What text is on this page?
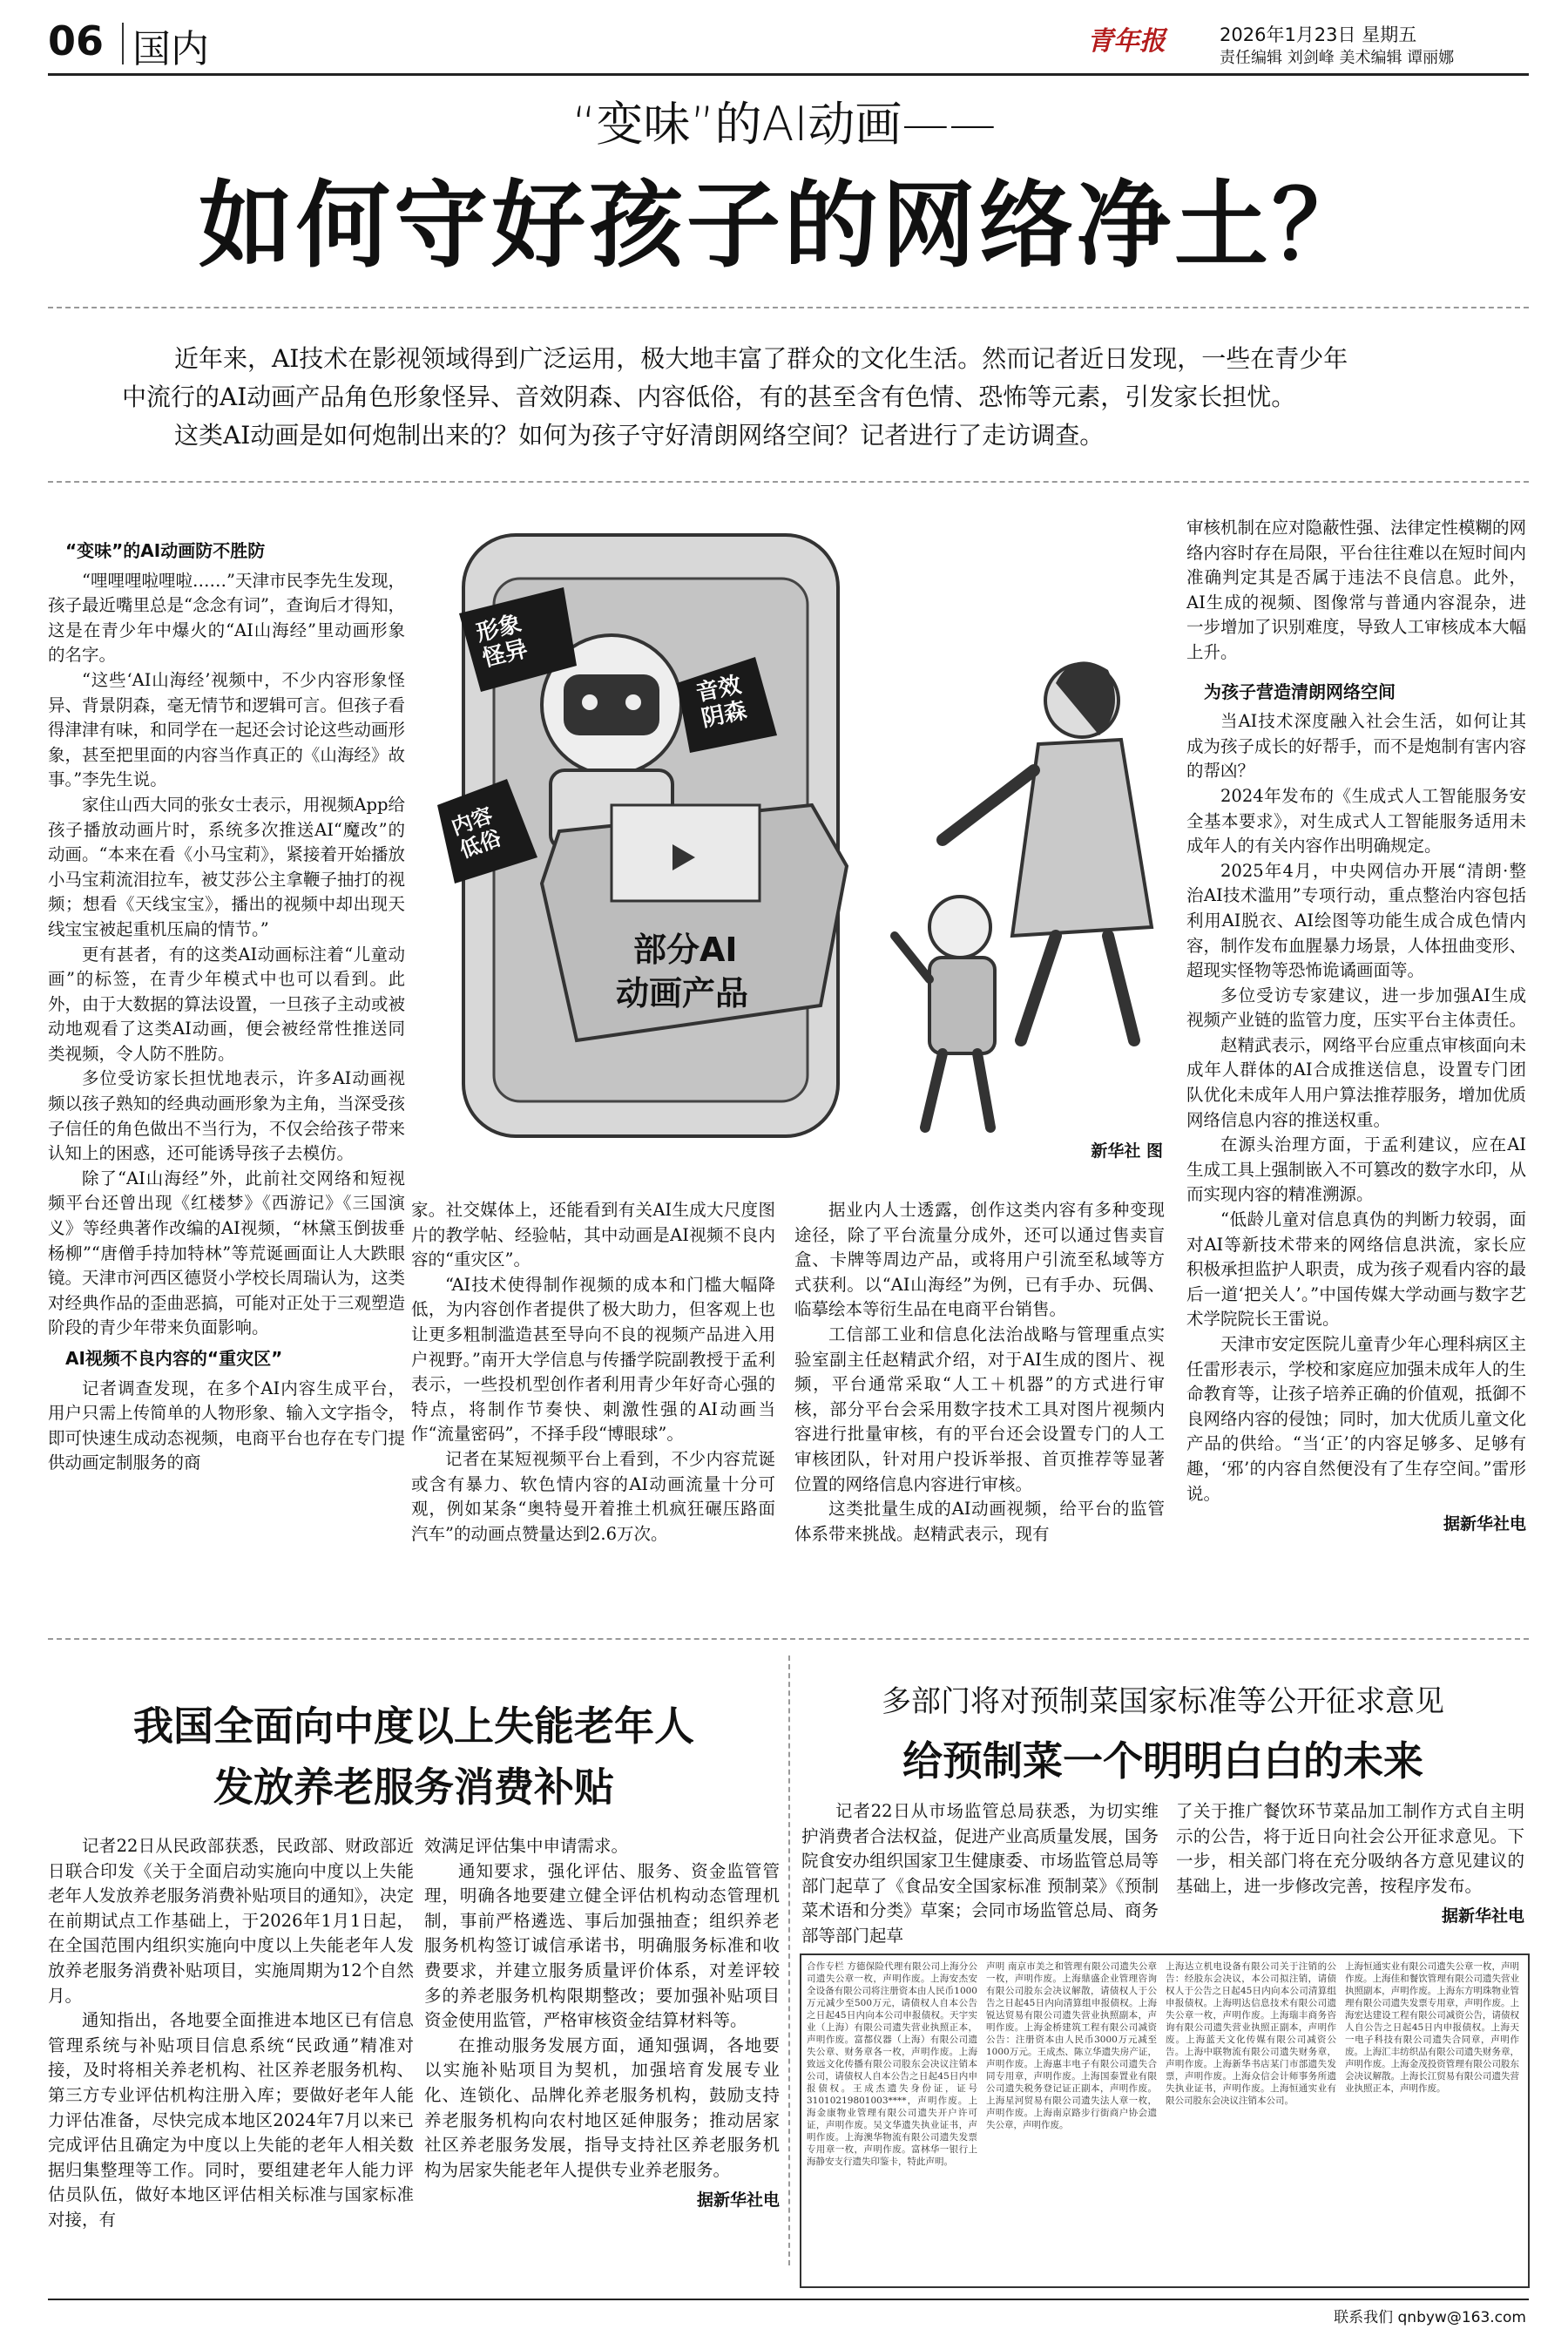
06 国内	青年报	2026年1月23日 星期五
责任编辑 刘剑峰 美术编辑 谭丽娜
“变味”的AI动画——
如何守好孩子的网络净土？
近年来，AI技术在影视领域得到广泛运用，极大地丰富了群众的文化生活。然而记者近日发现，一些在青少年
中流行的AI动画产品角色形象怪异、音效阴森、内容低俗，有的甚至含有色情、恐怖等元素，引发家长担忧。
这类AI动画是如何炮制出来的？如何为孩子守好清朗网络空间？记者进行了走访调查。

“变味”的AI动画防不胜防

“哩哩哩啦哩啦……”天津市民李先生发现，孩子最近嘴里总是“念念有词”，查询后才得知，这是在青少年中爆火的“AI山海经”里动画形象的名字。

“这些‘AI山海经’视频中，不少内容形象怪异、背景阴森，毫无情节和逻辑可言。但孩子看得津津有味，和同学在一起还会讨论这些动画形象，甚至把里面的内容当作真正的《山海经》故事。”李先生说。

家住山西大同的张女士表示，用视频App给孩子播放动画片时，系统多次推送AI“魔改”的动画。“本来在看《小马宝莉》，紧接着开始播放小马宝莉流泪拉车，被艾莎公主拿鞭子抽打的视频；想看《天线宝宝》，播出的视频中却出现天线宝宝被起重机压扁的情节。”

更有甚者，有的这类AI动画标注着“儿童动画”的标签，在青少年模式中也可以看到。此外，由于大数据的算法设置，一旦孩子主动或被动地观看了这类AI动画，便会被经常性推送同类视频，令人防不胜防。

多位受访家长担忧地表示，许多AI动画视频以孩子熟知的经典动画形象为主角，当深受孩子信任的角色做出不当行为，不仅会给孩子带来认知上的困惑，还可能诱导孩子去模仿。

除了“AI山海经”外，此前社交网络和短视频平台还曾出现《红楼梦》《西游记》《三国演义》等经典著作改编的AI视频，“林黛玉倒拔垂杨柳”“唐僧手持加特林”等荒诞画面让人大跌眼镜。天津市河西区德贤小学校长周瑞认为，这类对经典作品的歪曲恶搞，可能对正处于三观塑造阶段的青少年带来负面影响。

AI视频不良内容的“重灾区”

记者调查发现，在多个AI内容生成平台，用户只需上传简单的人物形象、输入文字指令，即可快速生成动态视频，电商平台也存在专门提供动画定制服务的商

形象怪异
音效阴森
内容低俗
部分AI
动画产品
新华社 图

家。社交媒体上，还能看到有关AI生成大尺度图片的教学帖、经验帖，其中动画是AI视频不良内容的“重灾区”。

“AI技术使得制作视频的成本和门槛大幅降低，为内容创作者提供了极大助力，但客观上也让更多粗制滥造甚至导向不良的视频产品进入用户视野。”南开大学信息与传播学院副教授于孟利表示，一些投机型创作者利用青少年好奇心强的特点，将制作节奏快、刺激性强的AI动画当作“流量密码”，不择手段“博眼球”。

记者在某短视频平台上看到，不少内容荒诞或含有暴力、软色情内容的AI动画流量十分可观，例如某条“奥特曼开着推土机疯狂碾压路面汽车”的动画点赞量达到2.6万次。

据业内人士透露，创作这类内容有多种变现途径，除了平台流量分成外，还可以通过售卖盲盒、卡牌等周边产品，或将用户引流至私域等方式获利。以“AI山海经”为例，已有手办、玩偶、临摹绘本等衍生品在电商平台销售。

工信部工业和信息化法治战略与管理重点实验室副主任赵精武介绍，对于AI生成的图片、视频，平台通常采取“人工＋机器”的方式进行审核，部分平台会采用数字技术工具对图片视频内容进行批量审核，有的平台还会设置专门的人工审核团队，针对用户投诉举报、首页推荐等显著位置的网络信息内容进行审核。

这类批量生成的AI动画视频，给平台的监管体系带来挑战。赵精武表示，现有

审核机制在应对隐蔽性强、法律定性模糊的网络内容时存在局限，平台往往难以在短时间内准确判定其是否属于违法不良信息。此外，AI生成的视频、图像常与普通内容混杂，进一步增加了识别难度，导致人工审核成本大幅上升。

为孩子营造清朗网络空间

当AI技术深度融入社会生活，如何让其成为孩子成长的好帮手，而不是炮制有害内容的帮凶？

2024年发布的《生成式人工智能服务安全基本要求》，对生成式人工智能服务适用未成年人的有关内容作出明确规定。

2025年4月，中央网信办开展“清朗·整治AI技术滥用”专项行动，重点整治内容包括利用AI脱衣、AI绘图等功能生成合成色情内容，制作发布血腥暴力场景，人体扭曲变形、超现实怪物等恐怖诡谲画面等。

多位受访专家建议，进一步加强AI生成视频产业链的监管力度，压实平台主体责任。

赵精武表示，网络平台应重点审核面向未成年人群体的AI合成推送信息，设置专门团队优化未成年人用户算法推荐服务，增加优质网络信息内容的推送权重。

在源头治理方面，于孟利建议，应在AI生成工具上强制嵌入不可篡改的数字水印，从而实现内容的精准溯源。

“低龄儿童对信息真伪的判断力较弱，面对AI等新技术带来的网络信息洪流，家长应积极承担监护人职责，成为孩子观看内容的最后一道‘把关人’。”中国传媒大学动画与数字艺术学院院长王雷说。

天津市安定医院儿童青少年心理科病区主任雷形表示，学校和家庭应加强未成年人的生命教育等，让孩子培养正确的价值观，抵御不良网络内容的侵蚀；同时，加大优质儿童文化产品的供给。“当‘正’的内容足够多、足够有趣，‘邪’的内容自然便没有了生存空间。”雷形说。

据新华社电

我国全面向中度以上失能老年人
发放养老服务消费补贴

记者22日从民政部获悉，民政部、财政部近日联合印发《关于全面启动实施向中度以上失能老年人发放养老服务消费补贴项目的通知》，决定在前期试点工作基础上，于2026年1月1日起，在全国范围内组织实施向中度以上失能老年人发放养老服务消费补贴项目，实施周期为12个自然月。

通知指出，各地要全面推进本地区已有信息管理系统与补贴项目信息系统“民政通”精准对接，及时将相关养老机构、社区养老服务机构、第三方专业评估机构注册入库；要做好老年人能力评估准备，尽快完成本地区2024年7月以来已完成评估且确定为中度以上失能的老年人相关数据归集整理等工作。同时，要组建老年人能力评估员队伍，做好本地区评估相关标准与国家标准对接，有

效满足评估集中申请需求。

通知要求，强化评估、服务、资金监管管理，明确各地要建立健全评估机构动态管理机制，事前严格遴选、事后加强抽查；组织养老服务机构签订诚信承诺书，明确服务标准和收费要求，并建立服务质量评价体系，对差评较多的养老服务机构限期整改；要加强补贴项目资金使用监管，严格审核资金结算材料等。

在推动服务发展方面，通知强调，各地要以实施补贴项目为契机，加强培育发展专业化、连锁化、品牌化养老服务机构，鼓励支持养老服务机构向农村地区延伸服务；推动居家社区养老服务发展，指导支持社区养老服务机构为居家失能老年人提供专业养老服务。

据新华社电

多部门将对预制菜国家标准等公开征求意见
给预制菜一个明明白白的未来

记者22日从市场监管总局获悉，为切实维护消费者合法权益，促进产业高质量发展，国务院食安办组织国家卫生健康委、市场监管总局等部门起草了《食品安全国家标准 预制菜》《预制菜术语和分类》草案；会同市场监管总局、商务部等部门起草

了关于推广餐饮环节菜品加工制作方式自主明示的公告，将于近日向社会公开征求意见。下一步，相关部门将在充分吸纳各方意见建议的基础上，进一步修改完善，按程序发布。

据新华社电

合作专栏 方德保险代理有限公司上海分公司遗失公章一枚，声明作废。上海安杰安全设备有限公司将注册资本由人民币1000万元减少至500万元，请债权人自本公告之日起45日内向本公司申报债权。天宇实业（上海）有限公司遗失营业执照正本，声明作废。富都仪器（上海）有限公司遗失公章、财务章各一枚，声明作废。上海致远文化传播有限公司股东会决议注销本公司，请债权人自本公告之日起45日内申报债权。王成杰遗失身份证，证号31010219801003****，声明作废。上海金康物业管理有限公司遗失开户许可证，声明作废。吴文华遗失执业证书，声明作废。上海澳华物流有限公司遗失发票专用章一枚，声明作废。富林华一银行上海静安支行遗失印鉴卡，特此声明。
声明 南京市美之和管理有限公司遗失公章一枚，声明作废。上海鼎盛企业管理咨询有限公司股东会决议解散，请债权人于公告之日起45日内向清算组申报债权。上海锐达贸易有限公司遗失营业执照副本，声明作废。上海金桥建筑工程有限公司减资公告：注册资本由人民币3000万元减至1000万元。王成杰、陈立华遗失房产证，声明作废。上海惠丰电子有限公司遗失合同专用章，声明作废。上海国泰置业有限公司遗失税务登记证正副本，声明作废。上海星河贸易有限公司遗失法人章一枚，声明作废。上海南京路步行街商户协会遗失公章，声明作废。
上海达立机电设备有限公司关于注销的公告：经股东会决议，本公司拟注销，请债权人于公告之日起45日内向本公司清算组申报债权。上海明达信息技术有限公司遗失公章一枚，声明作废。上海瑞丰商务咨询有限公司遗失营业执照正副本，声明作废。上海蓝天文化传媒有限公司减资公告。上海中联物流有限公司遗失财务章，声明作废。上海新华书店某门市部遗失发票，声明作废。上海众信会计师事务所遗失执业证书，声明作废。上海恒通实业有限公司股东会决议注销本公司。
上海恒通实业有限公司遗失公章一枚，声明作废。上海佳和餐饮管理有限公司遗失营业执照副本，声明作废。上海东方明珠物业管理有限公司遗失发票专用章，声明作废。上海宏达建设工程有限公司减资公告，请债权人自公告之日起45日内申报债权。上海天一电子科技有限公司遗失合同章，声明作废。上海汇丰纺织品有限公司遗失财务章，声明作废。上海金茂投资管理有限公司股东会决议解散。上海长江贸易有限公司遗失营业执照正本，声明作废。
联系我们 qnbyw@163.com
